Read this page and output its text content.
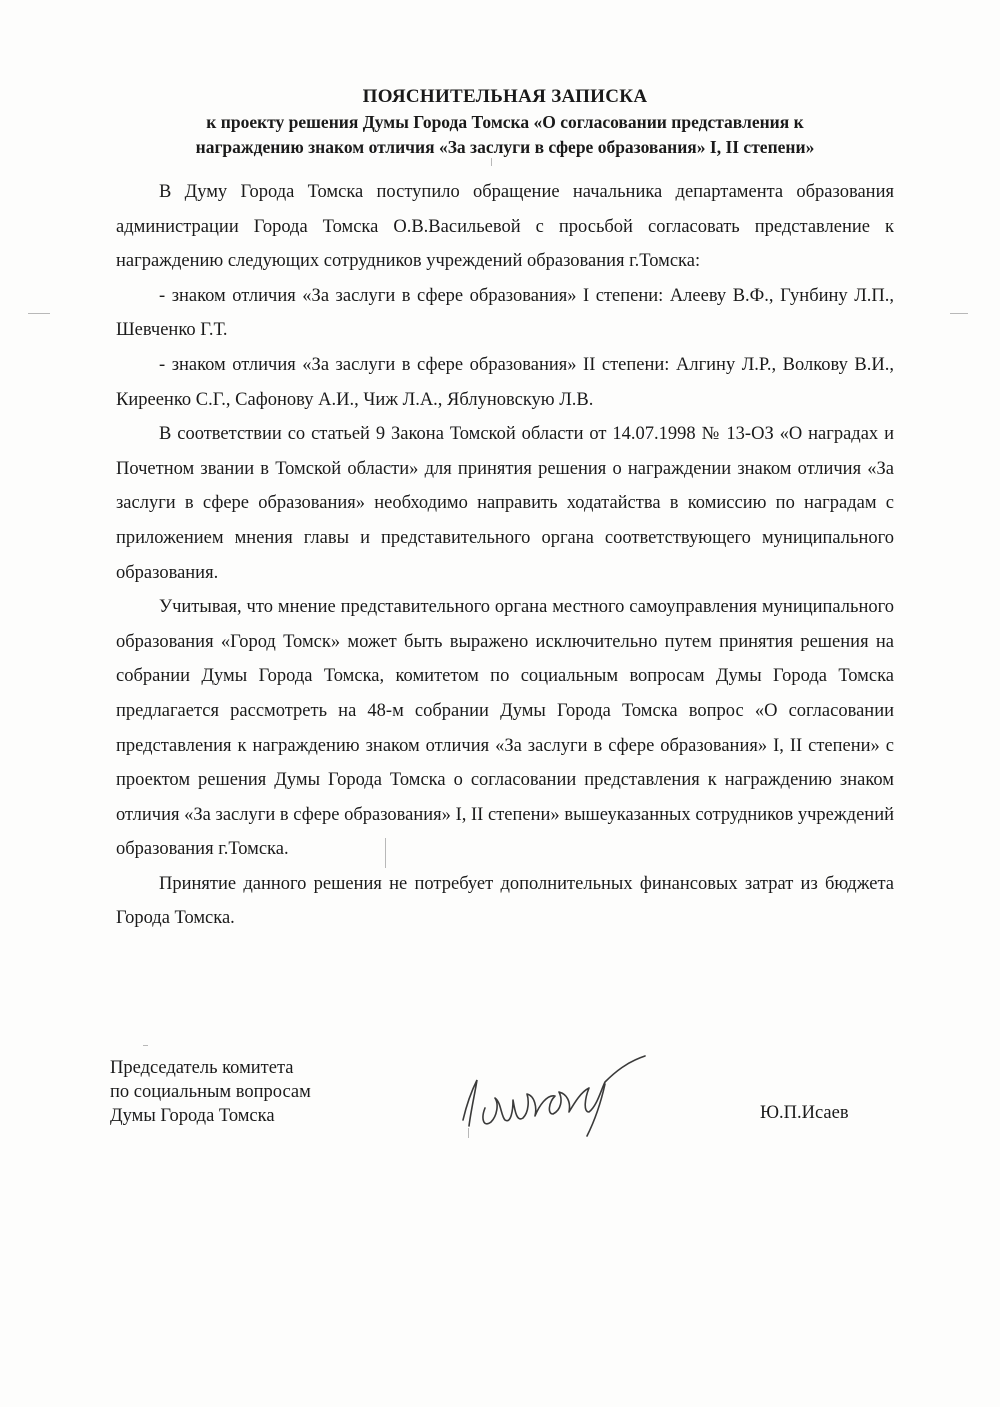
ПОЯСНИТЕЛЬНАЯ ЗАПИСКА
к проекту решения Думы Города Томска «О согласовании представления к
награждению знаком отличия «За заслуги в сфере образования» I, II степени»

В Думу Города Томска поступило обращение начальника департамента образования администрации Города Томска О.В.Васильевой с просьбой согласовать представление к награждению следующих сотрудников учреждений образования г.Томска:

- знаком отличия «За заслуги в сфере образования» I степени: Алееву В.Ф., Гунбину Л.П., Шевченко Г.Т.

- знаком отличия «За заслуги в сфере образования» II степени: Алгину Л.Р., Волкову В.И., Киреенко С.Г., Сафонову А.И., Чиж Л.А., Яблуновскую Л.В.

В соответствии со статьей 9 Закона Томской области от 14.07.1998 № 13-ОЗ «О наградах и Почетном звании в Томской области» для принятия решения о награждении знаком отличия «За заслуги в сфере образования» необходимо направить ходатайства в комиссию по наградам с приложением мнения главы и представительного органа соответствующего муниципального образования.

Учитывая, что мнение представительного органа местного самоуправления муниципального образования «Город Томск» может быть выражено исключительно путем принятия решения на собрании Думы Города Томска, комитетом по социальным вопросам Думы Города Томска предлагается рассмотреть на 48-м собрании Думы Города Томска вопрос «О согласовании представления к награждению знаком отличия «За заслуги в сфере образования» I, II степени» с проектом решения Думы Города Томска о согласовании представления к награждению знаком отличия «За заслуги в сфере образования» I, II степени» вышеуказанных сотрудников учреждений образования г.Томска.

Принятие данного решения не потребует дополнительных финансовых затрат из бюджета Города Томска.

Председатель комитета
по социальным вопросам
Думы Города Томска	Ю.П.Исаев
